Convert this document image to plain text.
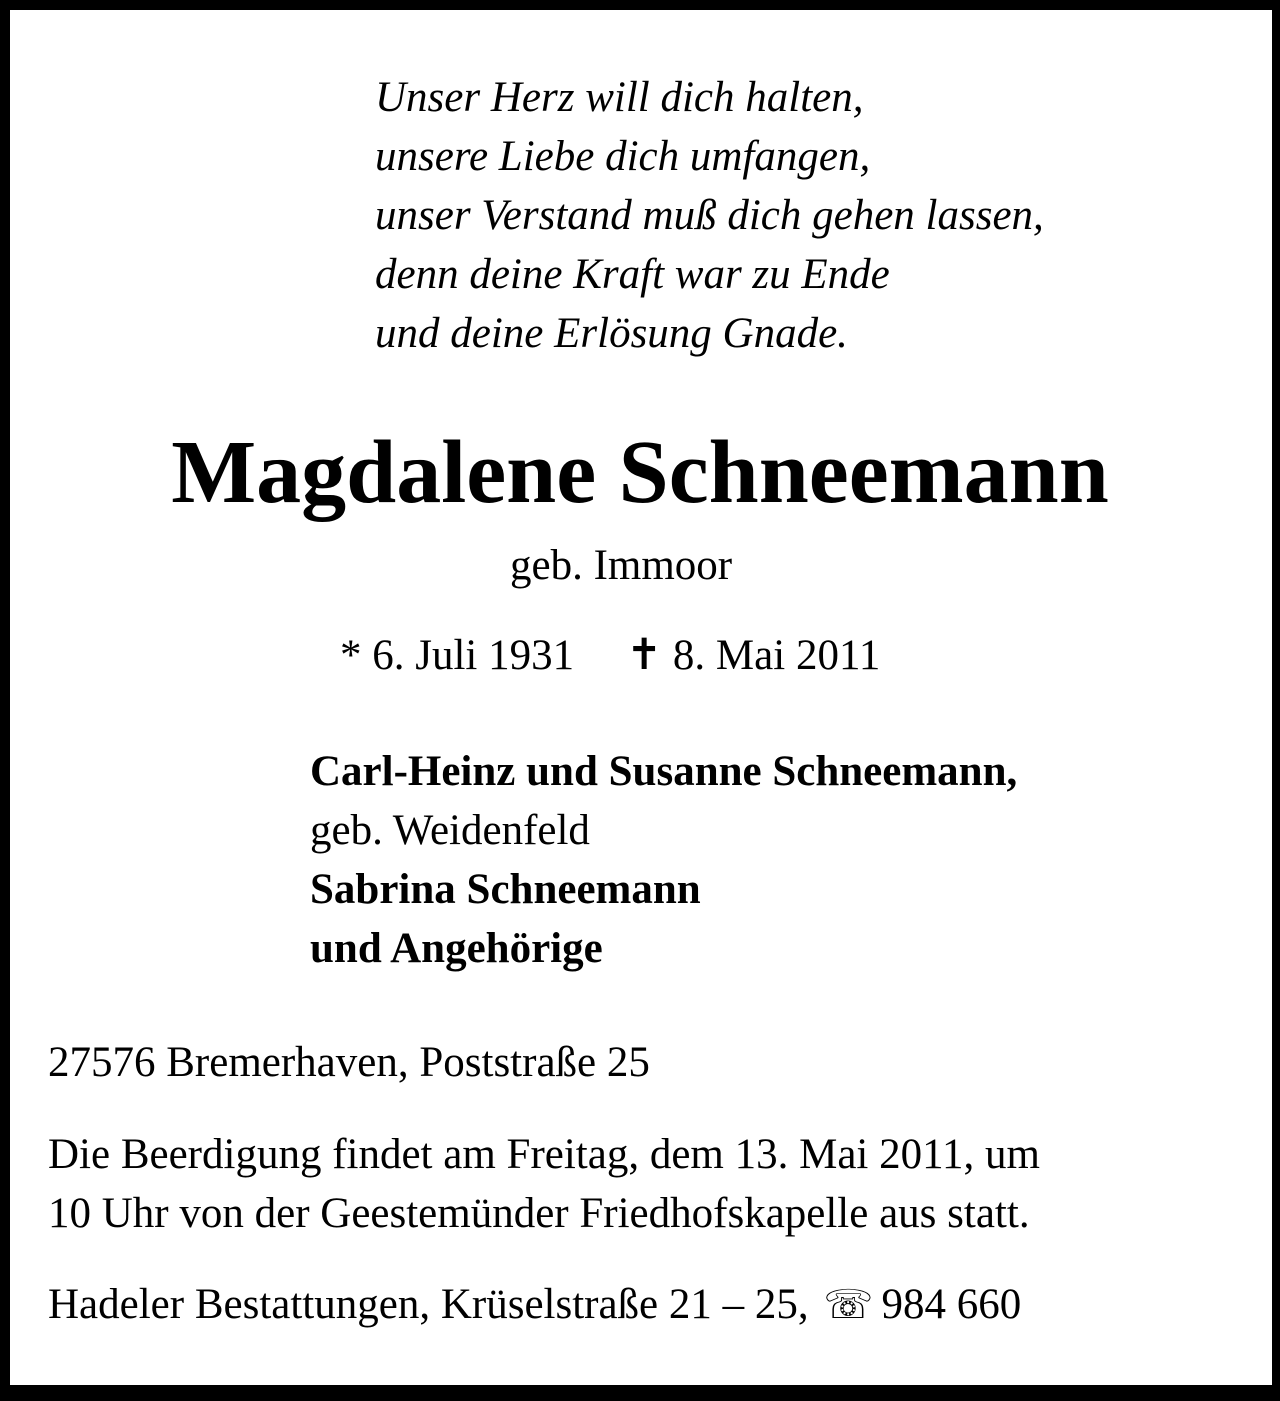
Unser Herz will dich halten,
unsere Liebe dich umfangen,
unser Verstand muß dich gehen lassen,
denn deine Kraft war zu Ende
und deine Erlösung Gnade.
Magdalene Schneemann
geb. Immoor
* 6. Juli 1931 ✝ 8. Mai 2011
Carl-Heinz und Susanne Schneemann,
geb. Weidenfeld
Sabrina Schneemann
und Angehörige
27576 Bremerhaven, Poststraße 25
Die Beerdigung findet am Freitag, dem 13. Mai 2011, um
10 Uhr von der Geestemünder Friedhofskapelle aus statt.
Hadeler Bestattungen, Krüselstraße 21 – 25, ☏ 984 660
